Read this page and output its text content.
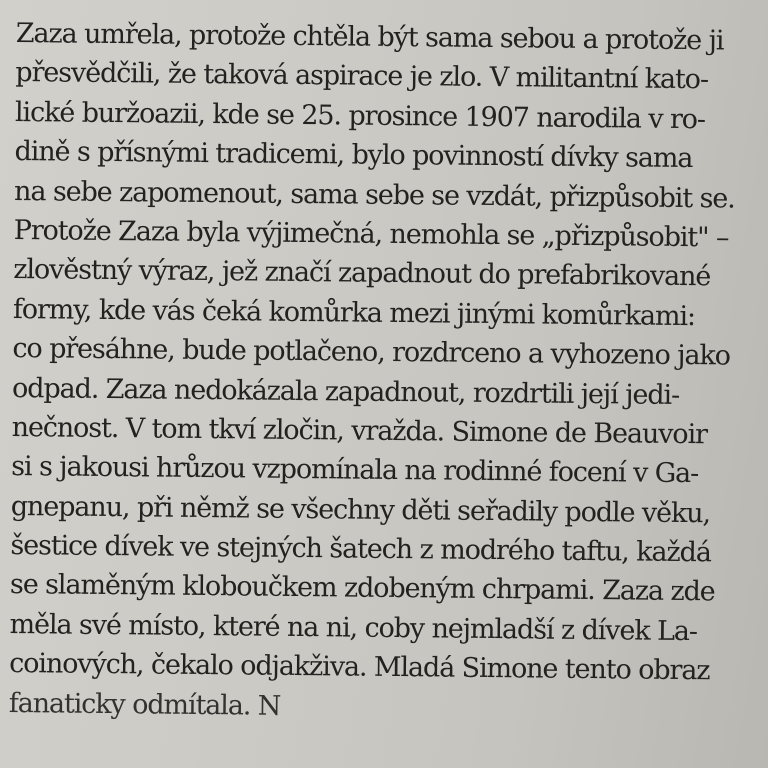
Zaza umřela, protože chtěla být sama sebou a protože ji
přesvědčili, že taková aspirace je zlo. V militantní kato-
lické buržoazii, kde se 25. prosince 1907 narodila v ro-
dině s přísnými tradicemi, bylo povinností dívky sama
na sebe zapomenout, sama sebe se vzdát, přizpůsobit se.
Protože Zaza byla výjimečná, nemohla se „přizpůsobit" –
zlověstný výraz, jež značí zapadnout do prefabrikované
formy, kde vás čeká komůrka mezi jinými komůrkami:
co přesáhne, bude potlačeno, rozdrceno a vyhozeno jako
odpad. Zaza nedokázala zapadnout, rozdrtili její jedi-
nečnost. V tom tkví zločin, vražda. Simone de Beauvoir
si s jakousi hrůzou vzpomínala na rodinné focení v Ga-
gnepanu, při němž se všechny děti seřadily podle věku,
šestice dívek ve stejných šatech z modrého taftu, každá
se slaměným kloboučkem zdobeným chrpami. Zaza zde
měla své místo, které na ni, coby nejmladší z dívek La-
coinových, čekalo odjakživa. Mladá Simone tento obraz
fanaticky odmítala. N
